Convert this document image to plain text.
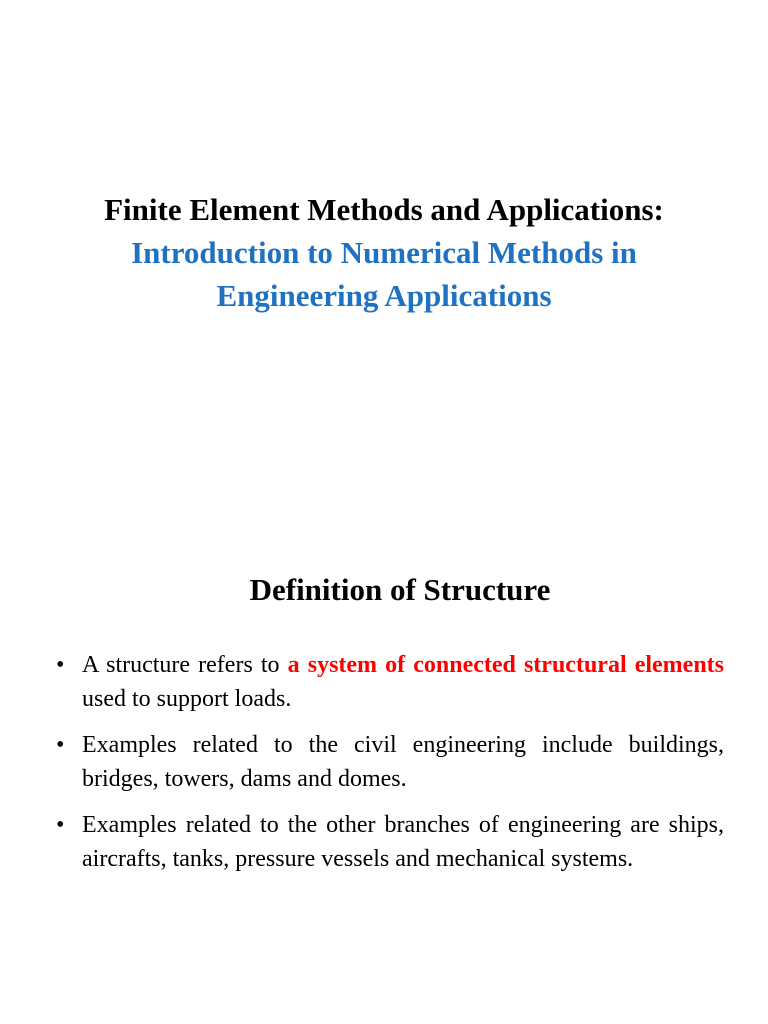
Finite Element Methods and Applications:
Introduction to Numerical Methods in
Engineering Applications
Definition of Structure
• A structure refers to a system of connected structural elements used to support loads.
• Examples related to the civil engineering include buildings, bridges, towers, dams and domes.
• Examples related to the other branches of engineering are ships, aircrafts, tanks, pressure vessels and mechanical systems.
